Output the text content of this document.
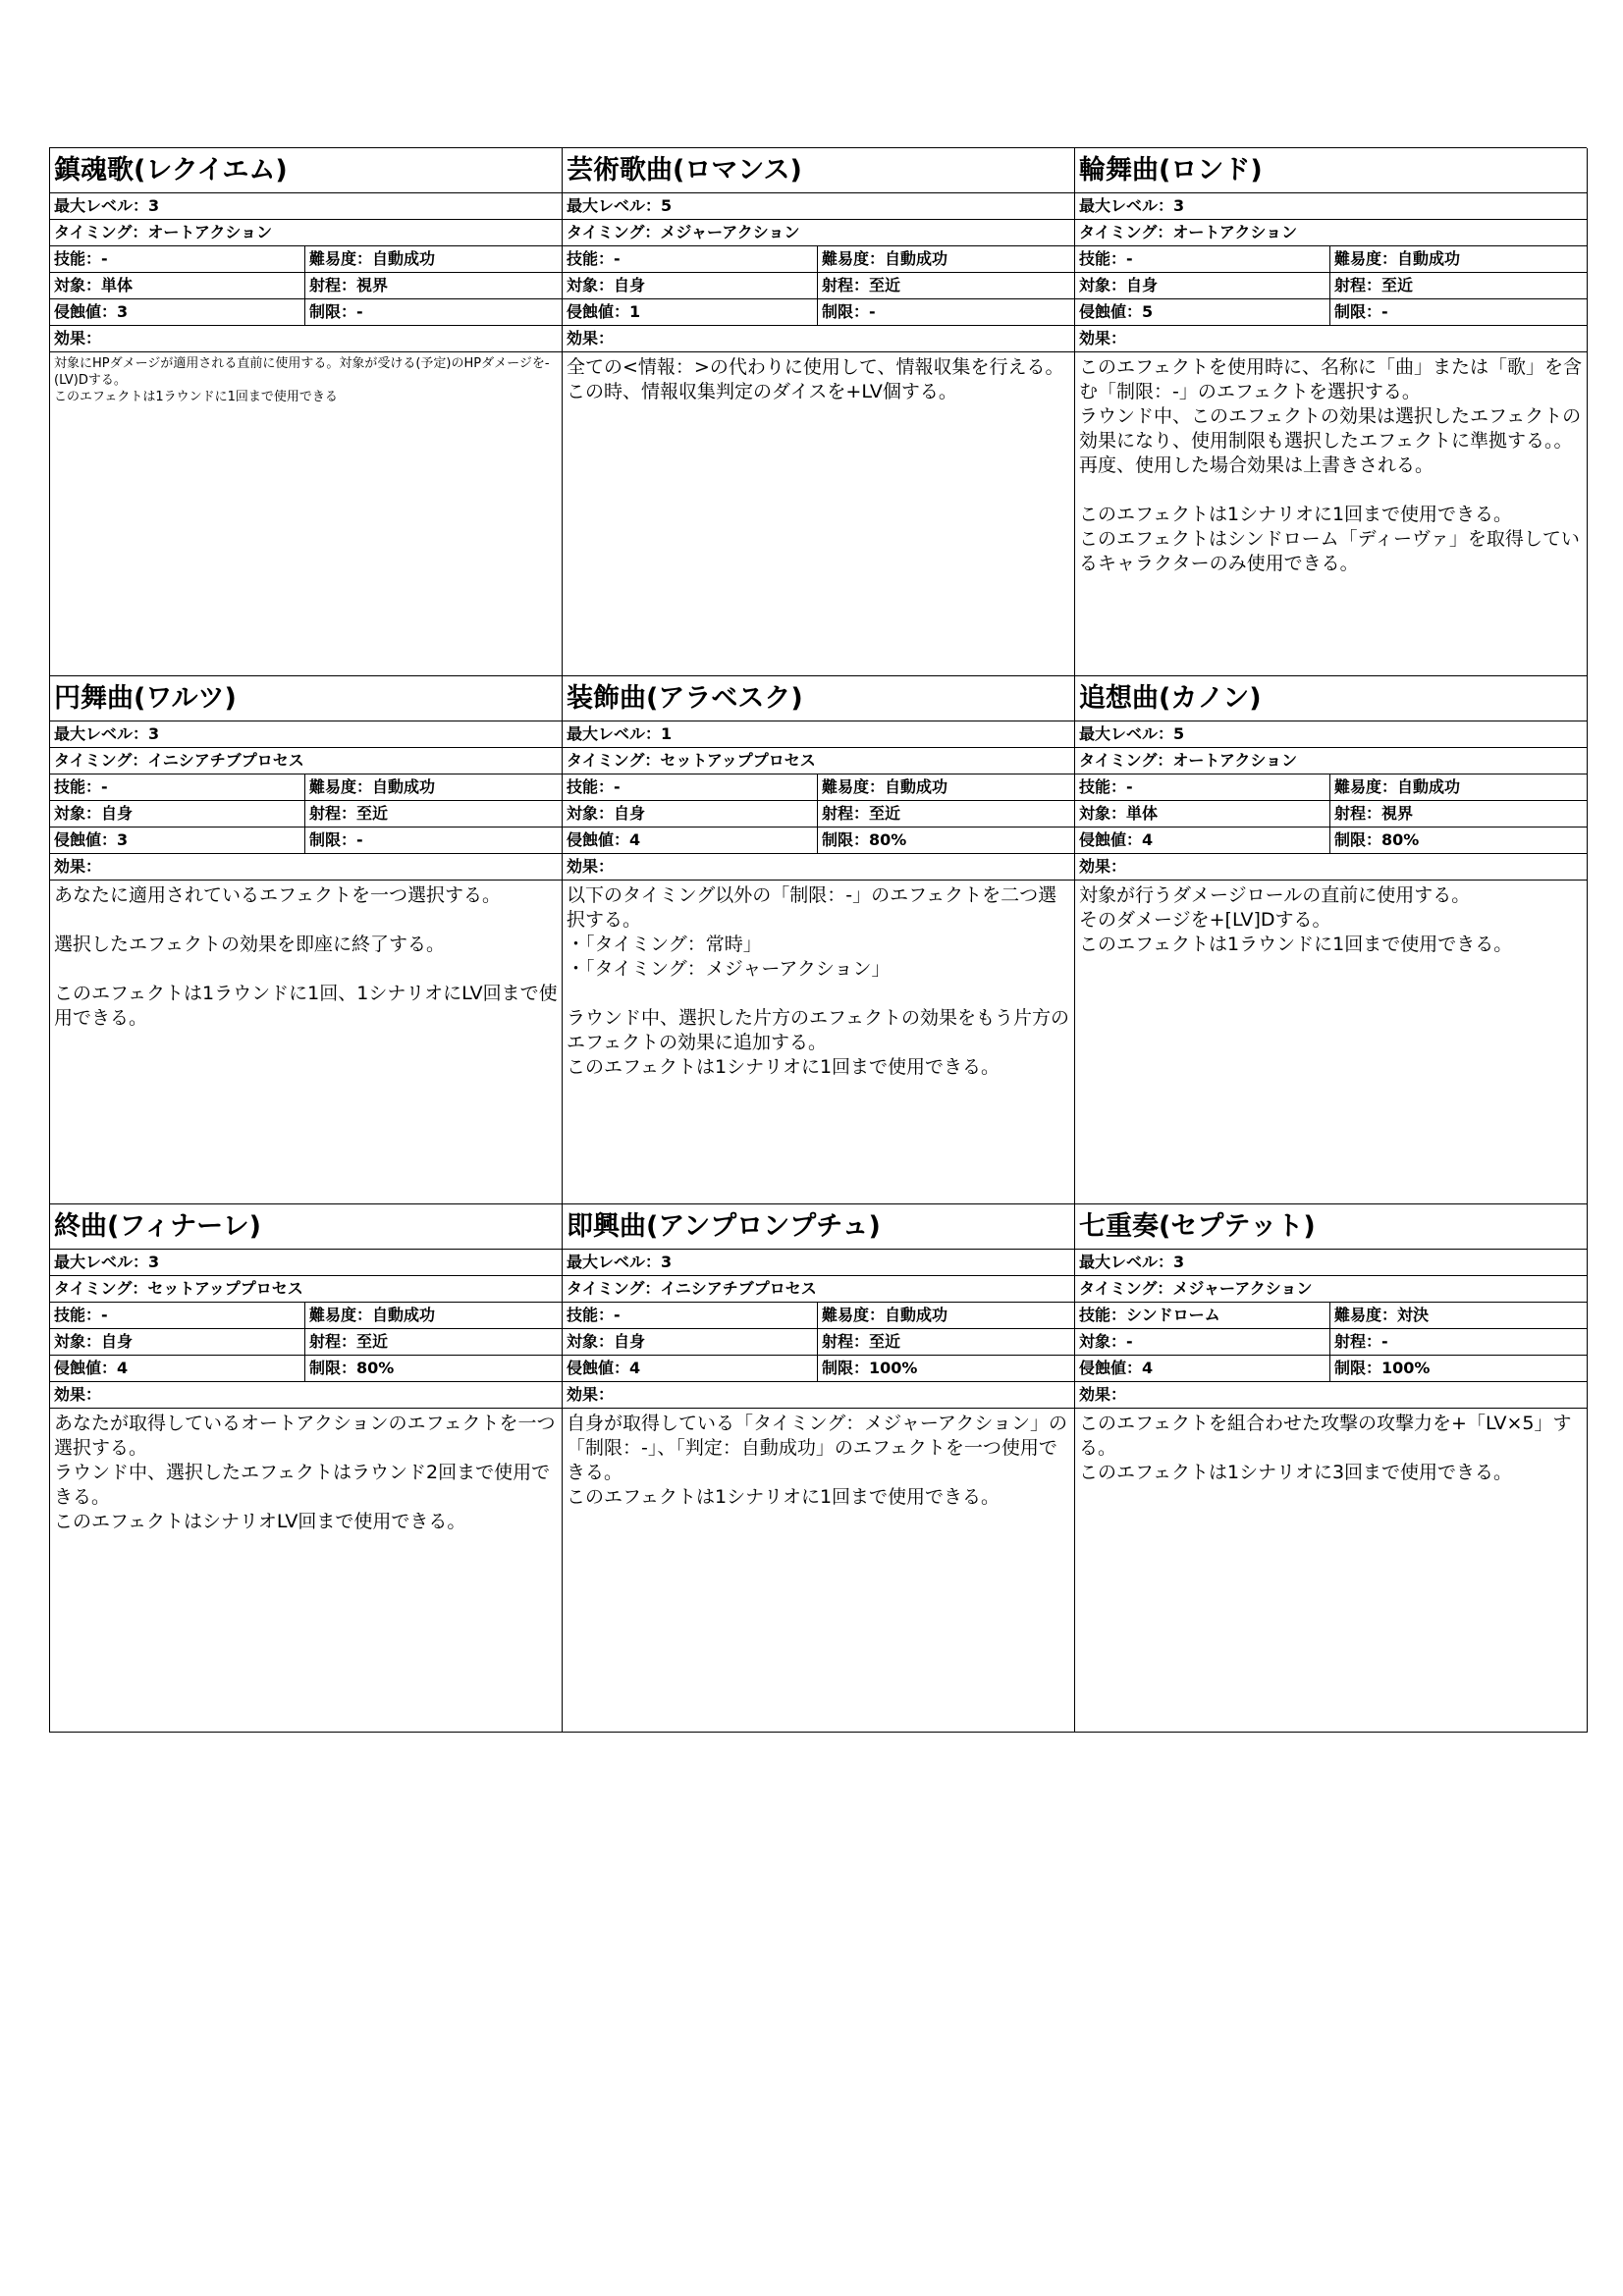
鎮魂歌(レクイエム)
最大レベル：3
タイミング：オートアクション
技能：-	難易度：自動成功
対象：単体	射程：視界
侵蝕値：3	制限：-
効果：
対象にHPダメージが適用される直前に使用する。対象が受ける(予定)のHPダメージを-(LV)Dする。
このエフェクトは1ラウンドに1回まで使用できる
芸術歌曲(ロマンス)
最大レベル：5
タイミング：メジャーアクション
技能：-	難易度：自動成功
対象：自身	射程：至近
侵蝕値：1	制限：-
効果：
全ての<情報：>の代わりに使用して、情報収集を行える。この時、情報収集判定のダイスを+LV個する。
輪舞曲(ロンド)
最大レベル：3
タイミング：オートアクション
技能：-	難易度：自動成功
対象：自身	射程：至近
侵蝕値：5	制限：-
効果：
このエフェクトを使用時に、名称に「曲」または「歌」を含む「制限：-」のエフェクトを選択する。
ラウンド中、このエフェクトの効果は選択したエフェクトの効果になり、使用制限も選択したエフェクトに準拠する。。
再度、使用した場合効果は上書きされる。

このエフェクトは1シナリオに1回まで使用できる。
このエフェクトはシンドローム「ディーヴァ」を取得しているキャラクターのみ使用できる。
円舞曲(ワルツ)
最大レベル：3
タイミング：イニシアチブプロセス
技能：-	難易度：自動成功
対象：自身	射程：至近
侵蝕値：3	制限：-
効果：
あなたに適用されているエフェクトを一つ選択する。

選択したエフェクトの効果を即座に終了する。

このエフェクトは1ラウンドに1回、1シナリオにLV回まで使用できる。
装飾曲(アラベスク)
最大レベル：1
タイミング：セットアッププロセス
技能：-	難易度：自動成功
対象：自身	射程：至近
侵蝕値：4	制限：80%
効果：
以下のタイミング以外の「制限：-」のエフェクトを二つ選択する。
・「タイミング：常時」
・「タイミング：メジャーアクション」

ラウンド中、選択した片方のエフェクトの効果をもう片方のエフェクトの効果に追加する。
このエフェクトは1シナリオに1回まで使用できる。
追想曲(カノン)
最大レベル：5
タイミング：オートアクション
技能：-	難易度：自動成功
対象：単体	射程：視界
侵蝕値：4	制限：80%
効果：
対象が行うダメージロールの直前に使用する。
そのダメージを+[LV]Dする。
このエフェクトは1ラウンドに1回まで使用できる。
終曲(フィナーレ)
最大レベル：3
タイミング：セットアッププロセス
技能：-	難易度：自動成功
対象：自身	射程：至近
侵蝕値：4	制限：80%
効果：
あなたが取得しているオートアクションのエフェクトを一つ選択する。
ラウンド中、選択したエフェクトはラウンド2回まで使用できる。
このエフェクトはシナリオLV回まで使用できる。
即興曲(アンプロンプチュ)
最大レベル：3
タイミング：イニシアチブプロセス
技能：-	難易度：自動成功
対象：自身	射程：至近
侵蝕値：4	制限：100%
効果：
自身が取得している「タイミング：メジャーアクション」の「制限：-」、「判定：自動成功」のエフェクトを一つ使用できる。
このエフェクトは1シナリオに1回まで使用できる。
七重奏(セプテット)
最大レベル：3
タイミング：メジャーアクション
技能：シンドローム	難易度：対決
対象：-	射程：-
侵蝕値：4	制限：100%
効果：
このエフェクトを組合わせた攻撃の攻撃力を+「LV×5」する。
このエフェクトは1シナリオに3回まで使用できる。
